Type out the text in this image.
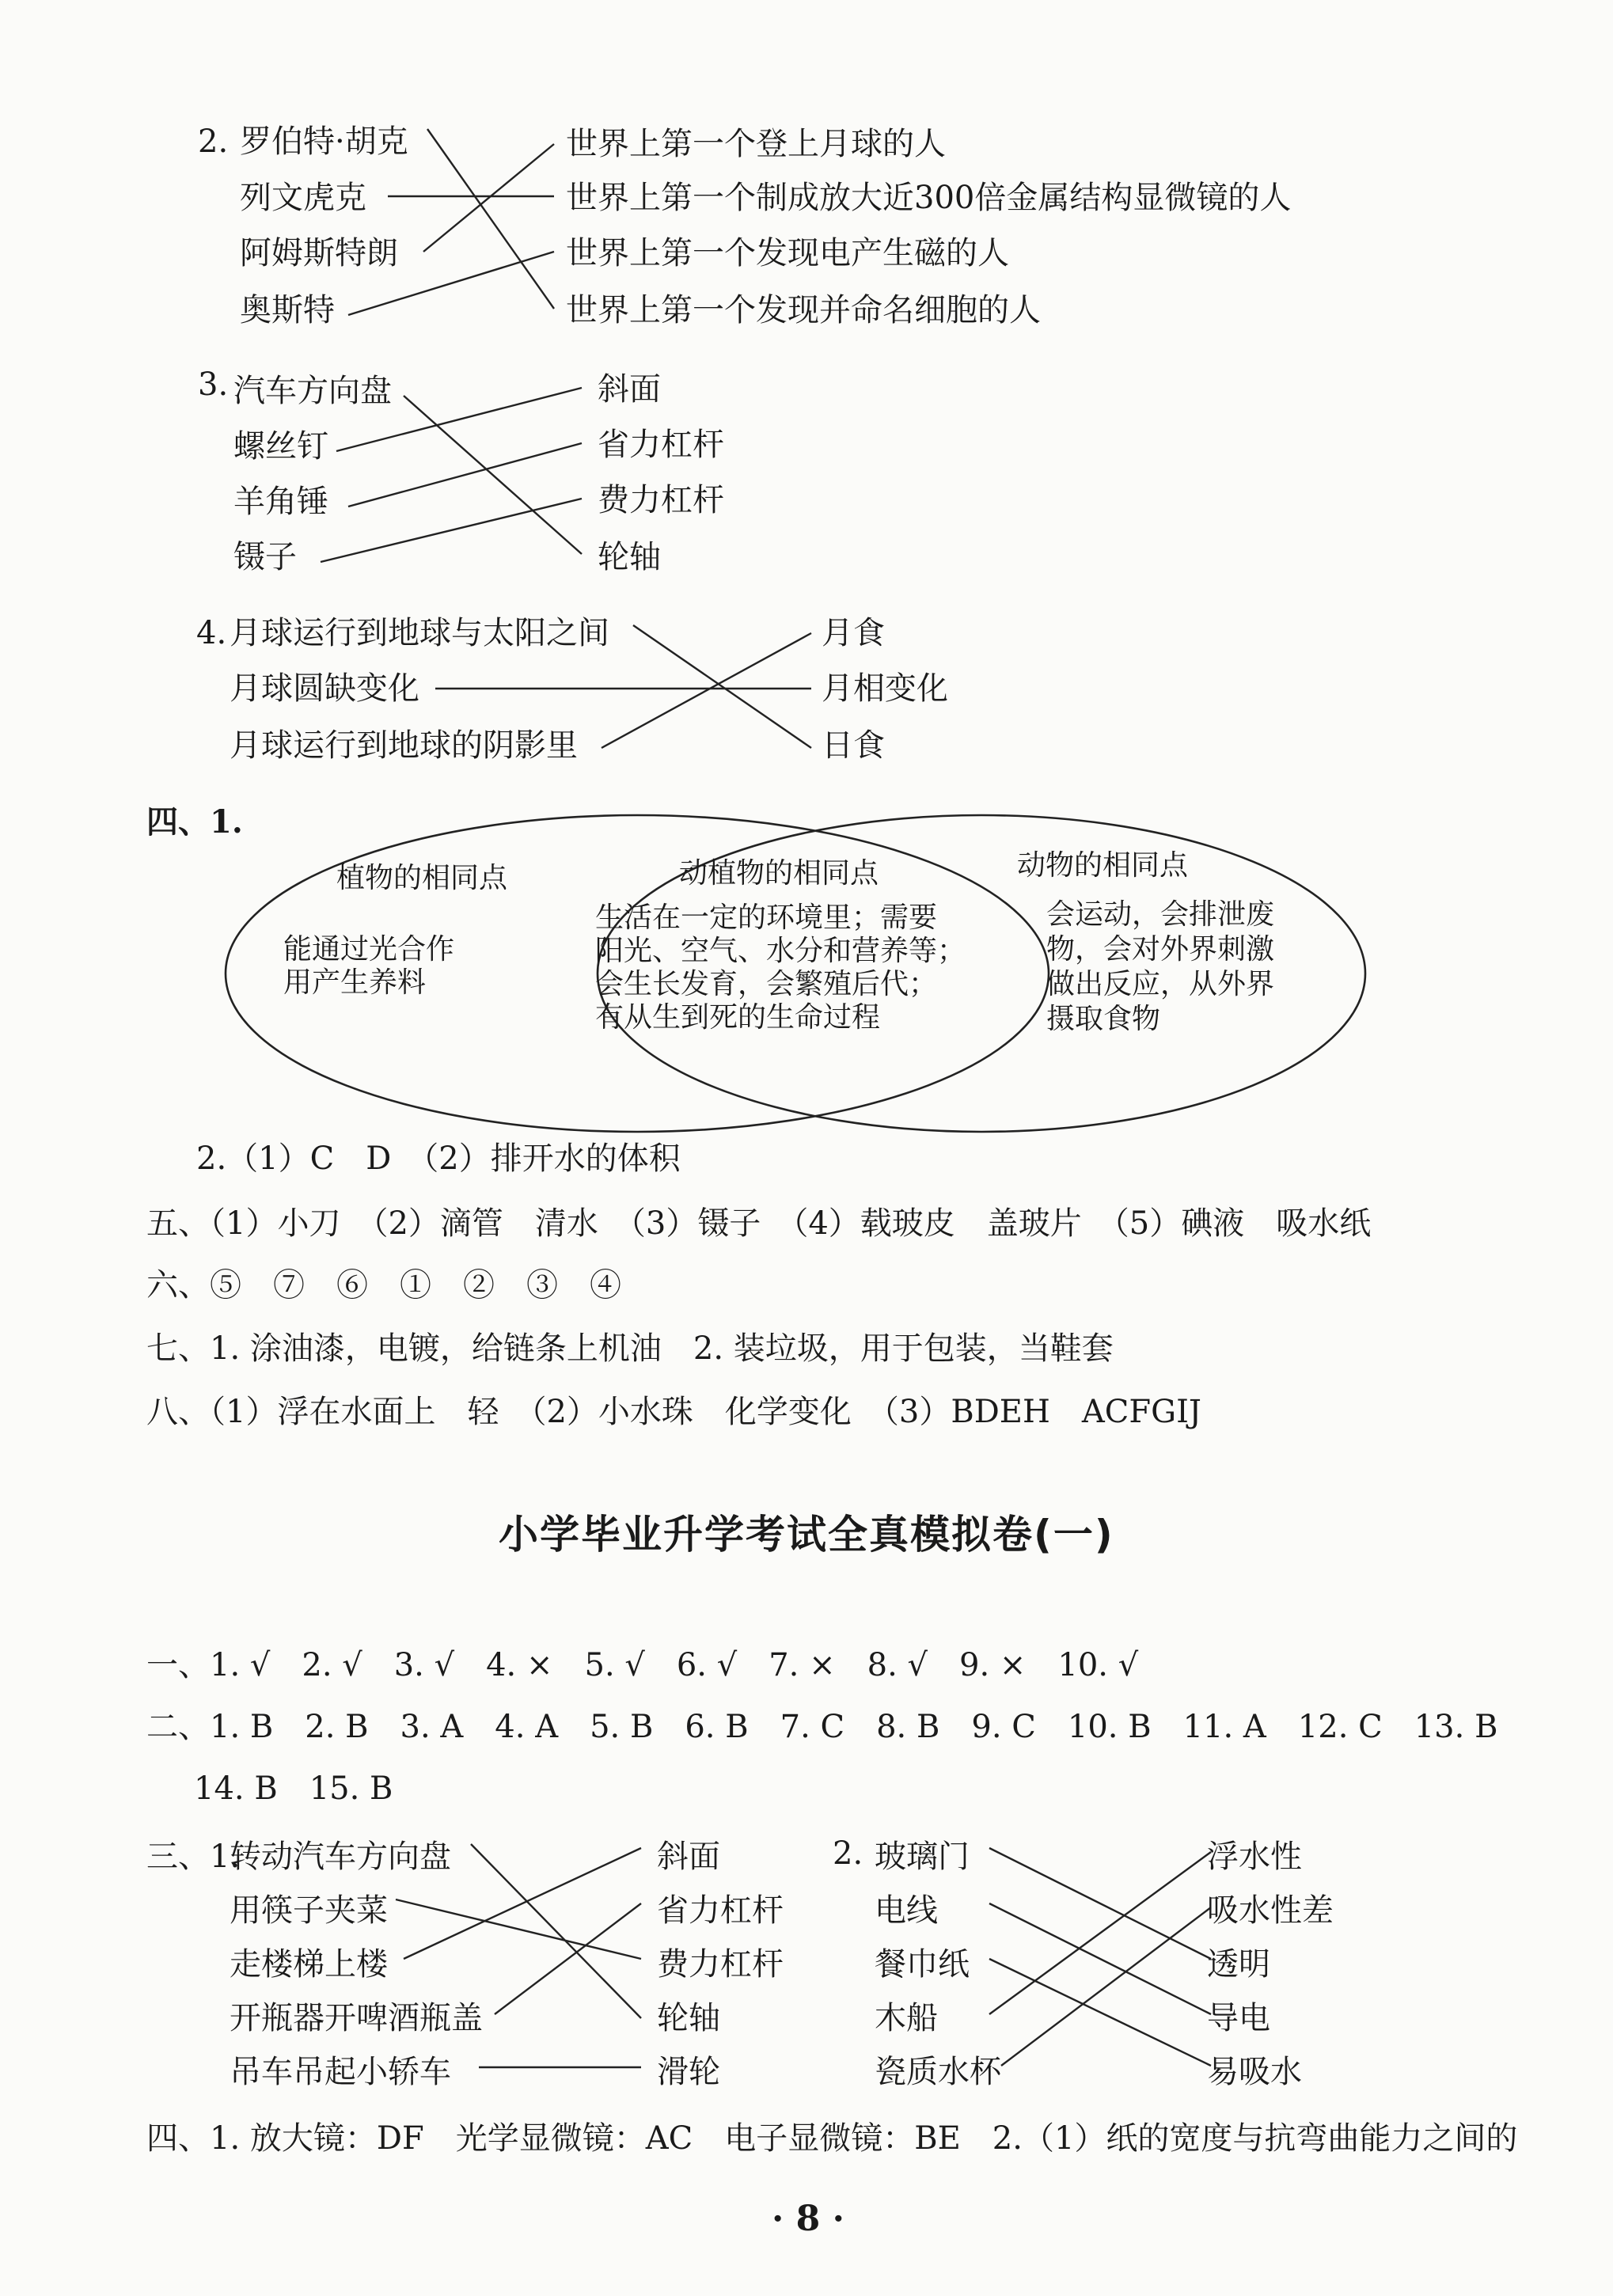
2. 罗伯特·胡克
列文虎克
阿姆斯特朗
奥斯特
世界上第一个登上月球的人
世界上第一个制成放大近300倍金属结构显微镜的人
世界上第一个发现电产生磁的人
世界上第一个发现并命名细胞的人
3. 汽车方向盘
螺丝钉
羊角锤
镊子
斜面
省力杠杆
费力杠杆
轮轴
4. 月球运行到地球与太阳之间
月球圆缺变化
月球运行到地球的阴影里
月食
月相变化
日食
四、1.
植物的相同点
能通过光合作
用产生养料
动植物的相同点
生活在一定的环境里；需要
阳光、空气、水分和营养等；
会生长发育，会繁殖后代；
有从生到死的生命过程
动物的相同点
会运动，会排泄废
物，会对外界刺激
做出反应，从外界
摄取食物
2.（1）C　D　（2）排开水的体积
五、（1）小刀　（2）滴管　清水　（3）镊子　（4）载玻皮　盖玻片　（5）碘液　吸水纸
六、⑤　⑦　⑥　①　②　③　④
七、1. 涂油漆，电镀，给链条上机油　2. 装垃圾，用于包装，当鞋套
八、（1）浮在水面上　轻　（2）小水珠　化学变化　（3）BDEH　ACFGIJ
小学毕业升学考试全真模拟卷(一)
一、1. √　2. √　3. √　4. ×　5. √　6. √　7. ×　8. √　9. ×　10. √
二、1. B　2. B　3. A　4. A　5. B　6. B　7. C　8. B　9. C　10. B　11. A　12. C　13. B
14. B　15. B
三、1.
转动汽车方向盘
用筷子夹菜
走楼梯上楼
开瓶器开啤酒瓶盖
吊车吊起小轿车
斜面
省力杠杆
费力杠杆
轮轴
滑轮
2. 玻璃门
电线
餐巾纸
木船
瓷质水杯
浮水性
吸水性差
透明
导电
易吸水
四、1. 放大镜：DF　光学显微镜：AC　电子显微镜：BE　2.（1）纸的宽度与抗弯曲能力之间的
· 8 ·
